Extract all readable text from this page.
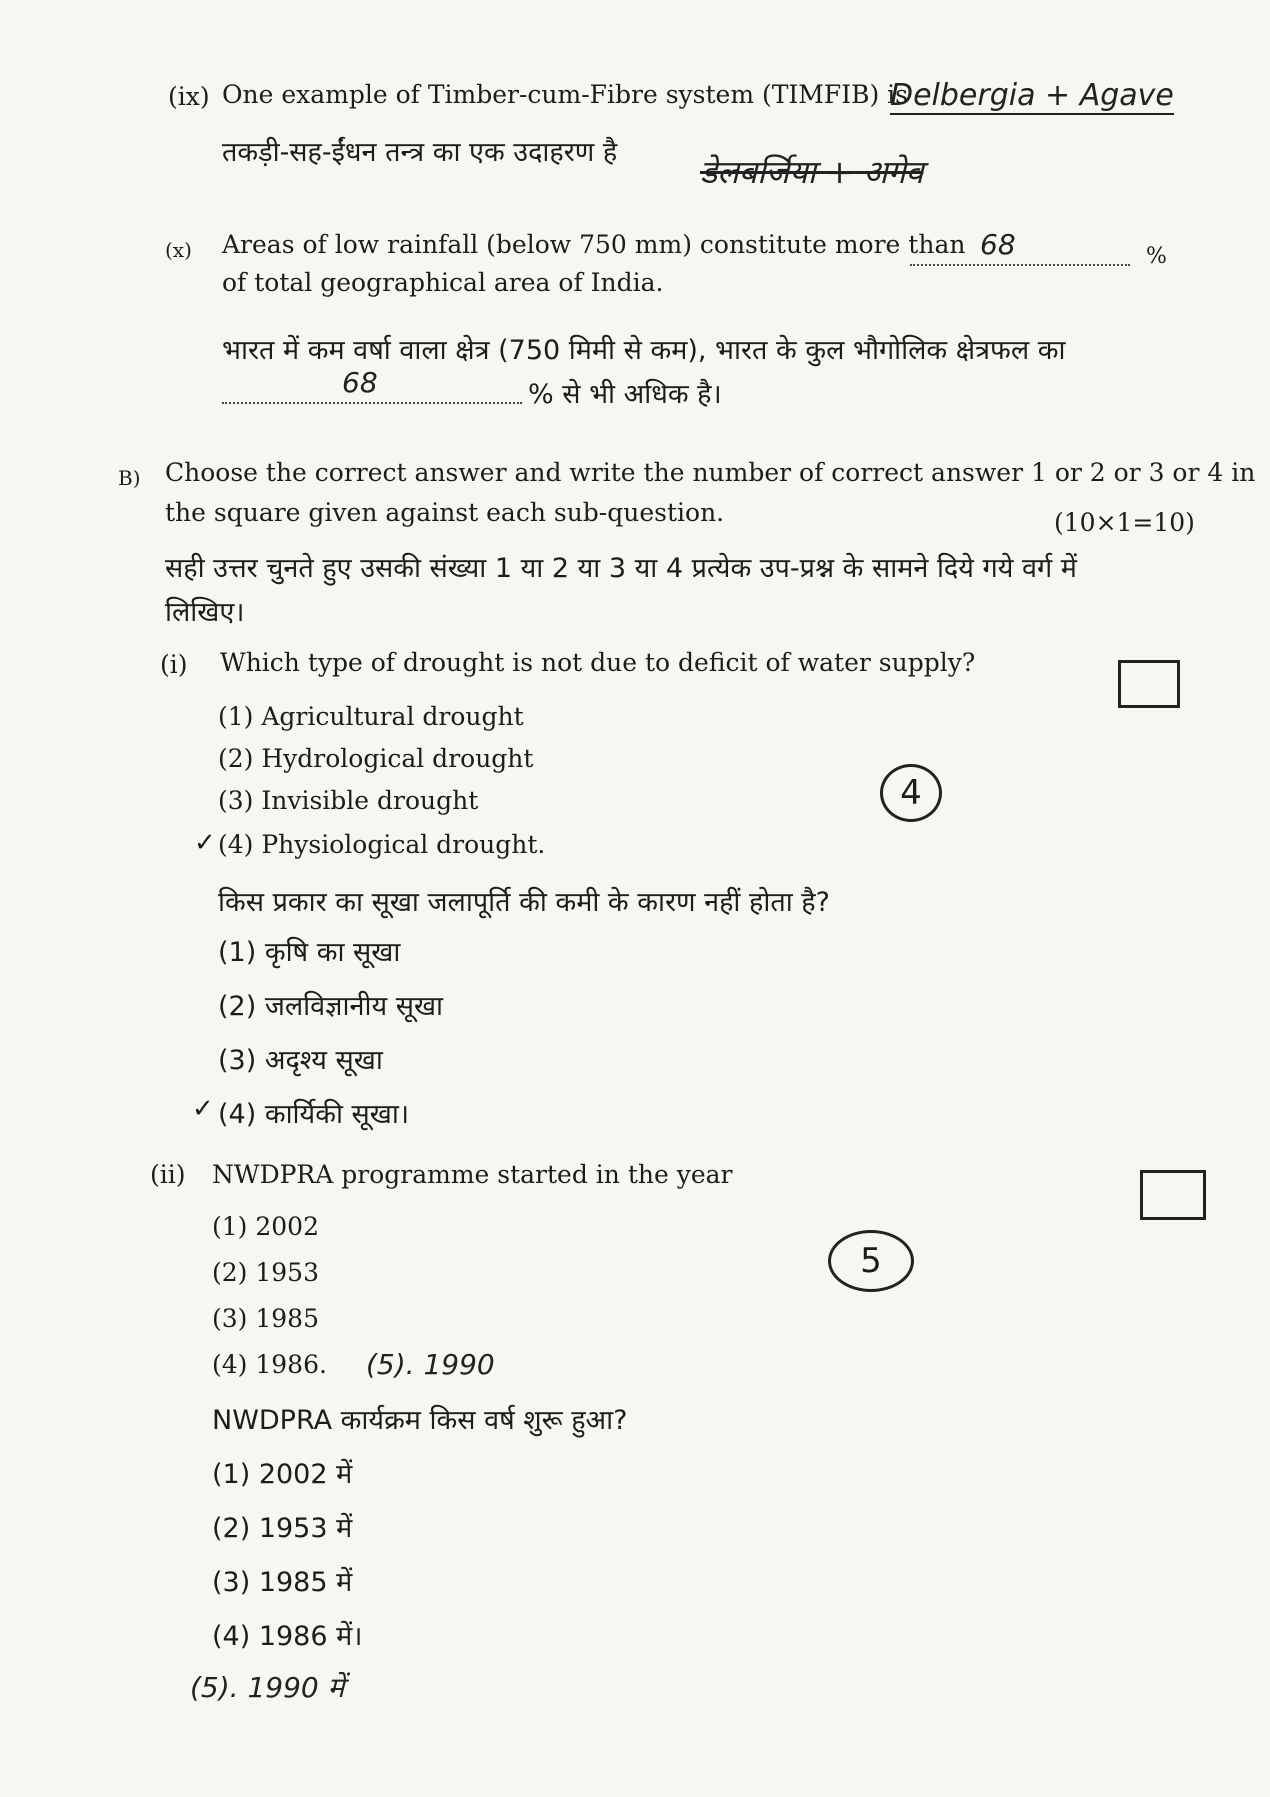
(ix) One example of Timber-cum-Fibre system (TIMFIB) is
Delbergia + Agave
तकड़ी-सह-ईंधन तन्त्र का एक उदाहरण है
डेलबर्जिया + अगेव
(x) Areas of low rainfall (below 750 mm) constitute more than 68	%
of total geographical area of India.
भारत में कम वर्षा वाला क्षेत्र (750 मिमी से कम), भारत के कुल भौगोलिक क्षेत्रफल का
68	% से भी अधिक है।
B) Choose the correct answer and write the number of correct answer 1 or 2 or 3 or 4 in
the square given against each sub-question.	(10×1=10)
सही उत्तर चुनते हुए उसकी संख्या 1 या 2 या 3 या 4 प्रत्येक उप-प्रश्न के सामने दिये गये वर्ग में
लिखिए।
(i) Which type of drought is not due to deficit of water supply?
(1) Agricultural drought
(2) Hydrological drought
(3) Invisible drought
✓ (4) Physiological drought.
4
किस प्रकार का सूखा जलापूर्ति की कमी के कारण नहीं होता है?
(1) कृषि का सूखा
(2) जलविज्ञानीय सूखा
(3) अदृश्य सूखा
✓ (4) कार्यिकी सूखा।
(ii) NWDPRA programme started in the year
(1) 2002
(2) 1953
(3) 1985
(4) 1986. (5). 1990
5
NWDPRA कार्यक्रम किस वर्ष शुरू हुआ?
(1) 2002 में
(2) 1953 में
(3) 1985 में
(4) 1986 में।
(5). 1990 में
